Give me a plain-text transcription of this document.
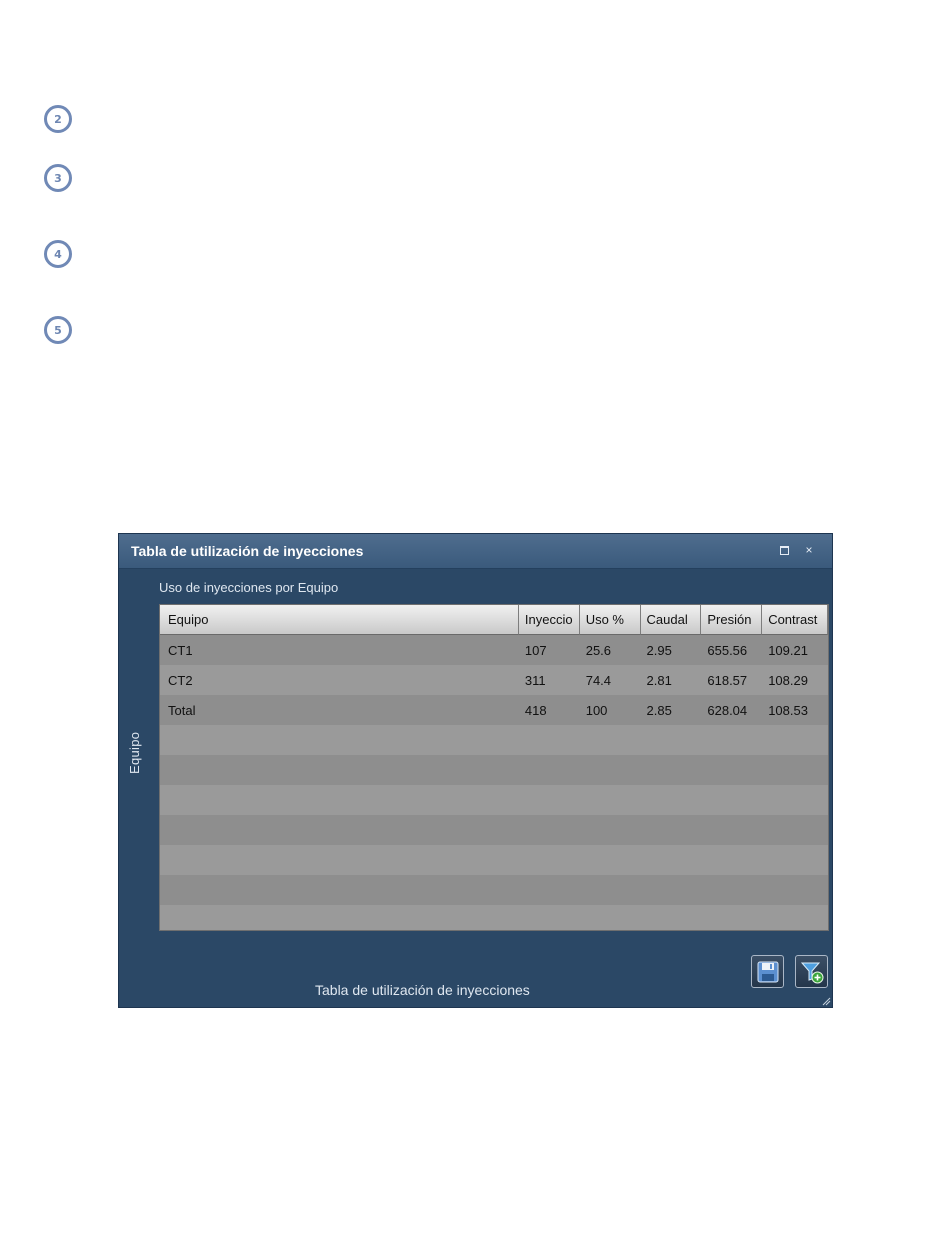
2
3
4
5
Tabla de utilización de inyecciones	×
Equipo
Uso de inyecciones por Equipo
Equipo	Inyeccio	Uso %	Caudal	Presión	Contrast
CT1	107	25.6	2.95	655.56	109.21
CT2	311	74.4	2.81	618.57	108.29
Total	418	100	2.85	628.04	108.53
Tabla de utilización de inyecciones
